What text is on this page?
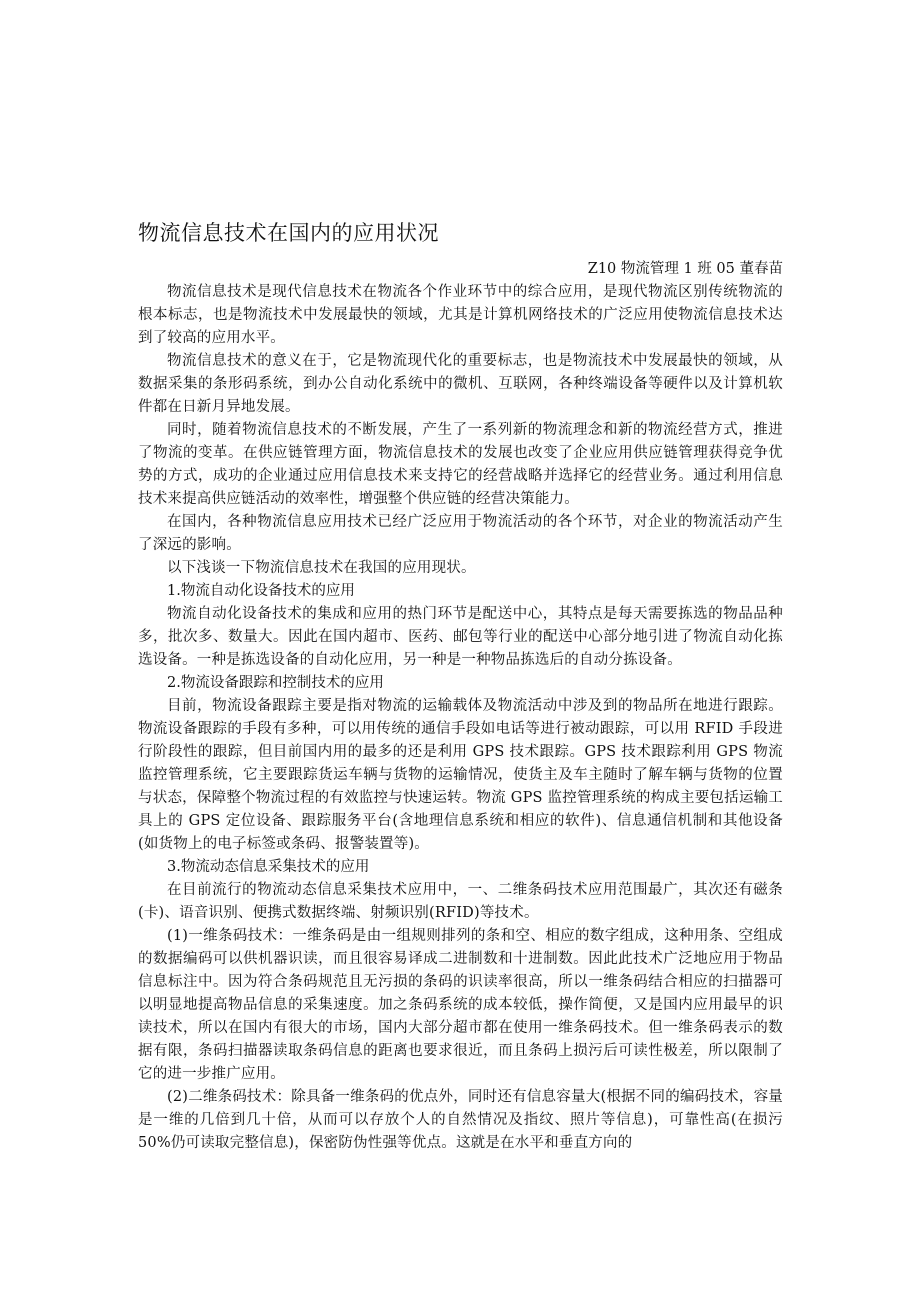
物流信息技术在国内的应用状况

Z10 物流管理 1 班 05 董春苗

物流信息技术是现代信息技术在物流各个作业环节中的综合应用，是现代物流区别传统物流的根本标志，也是物流技术中发展最快的领域，尤其是计算机网络技术的广泛应用使物流信息技术达到了较高的应用水平。

物流信息技术的意义在于，它是物流现代化的重要标志，也是物流技术中发展最快的领域，从数据采集的条形码系统，到办公自动化系统中的微机、互联网，各种终端设备等硬件以及计算机软件都在日新月异地发展。

同时，随着物流信息技术的不断发展，产生了一系列新的物流理念和新的物流经营方式，推进了物流的变革。在供应链管理方面，物流信息技术的发展也改变了企业应用供应链管理获得竞争优势的方式，成功的企业通过应用信息技术来支持它的经营战略并选择它的经营业务。通过利用信息技术来提高供应链活动的效率性，增强整个供应链的经营决策能力。

在国内，各种物流信息应用技术已经广泛应用于物流活动的各个环节，对企业的物流活动产生了深远的影响。

以下浅谈一下物流信息技术在我国的应用现状。

1.物流自动化设备技术的应用

物流自动化设备技术的集成和应用的热门环节是配送中心，其特点是每天需要拣选的物品品种多，批次多、数量大。因此在国内超市、医药、邮包等行业的配送中心部分地引进了物流自动化拣选设备。一种是拣选设备的自动化应用，另一种是一种物品拣选后的自动分拣设备。

2.物流设备跟踪和控制技术的应用

目前，物流设备跟踪主要是指对物流的运输载体及物流活动中涉及到的物品所在地进行跟踪。物流设备跟踪的手段有多种，可以用传统的通信手段如电话等进行被动跟踪，可以用 RFID 手段进行阶段性的跟踪，但目前国内用的最多的还是利用 GPS 技术跟踪。GPS 技术跟踪利用 GPS 物流监控管理系统，它主要跟踪货运车辆与货物的运输情况，使货主及车主随时了解车辆与货物的位置与状态，保障整个物流过程的有效监控与快速运转。物流 GPS 监控管理系统的构成主要包括运输工具上的 GPS 定位设备、跟踪服务平台(含地理信息系统和相应的软件)、信息通信机制和其他设备(如货物上的电子标签或条码、报警装置等)。

3.物流动态信息采集技术的应用

在目前流行的物流动态信息采集技术应用中，一、二维条码技术应用范围最广，其次还有磁条(卡)、语音识别、便携式数据终端、射频识别(RFID)等技术。

(1)一维条码技术：一维条码是由一组规则排列的条和空、相应的数字组成，这种用条、空组成的数据编码可以供机器识读，而且很容易译成二进制数和十进制数。因此此技术广泛地应用于物品信息标注中。因为符合条码规范且无污损的条码的识读率很高，所以一维条码结合相应的扫描器可以明显地提高物品信息的采集速度。加之条码系统的成本较低，操作简便，又是国内应用最早的识读技术，所以在国内有很大的市场，国内大部分超市都在使用一维条码技术。但一维条码表示的数据有限，条码扫描器读取条码信息的距离也要求很近，而且条码上损污后可读性极差，所以限制了它的进一步推广应用。

(2)二维条码技术：除具备一维条码的优点外，同时还有信息容量大(根据不同的编码技术，容量是一维的几倍到几十倍，从而可以存放个人的自然情况及指纹、照片等信息)，可靠性高(在损污 50%仍可读取完整信息)，保密防伪性强等优点。这就是在水平和垂直方向的
